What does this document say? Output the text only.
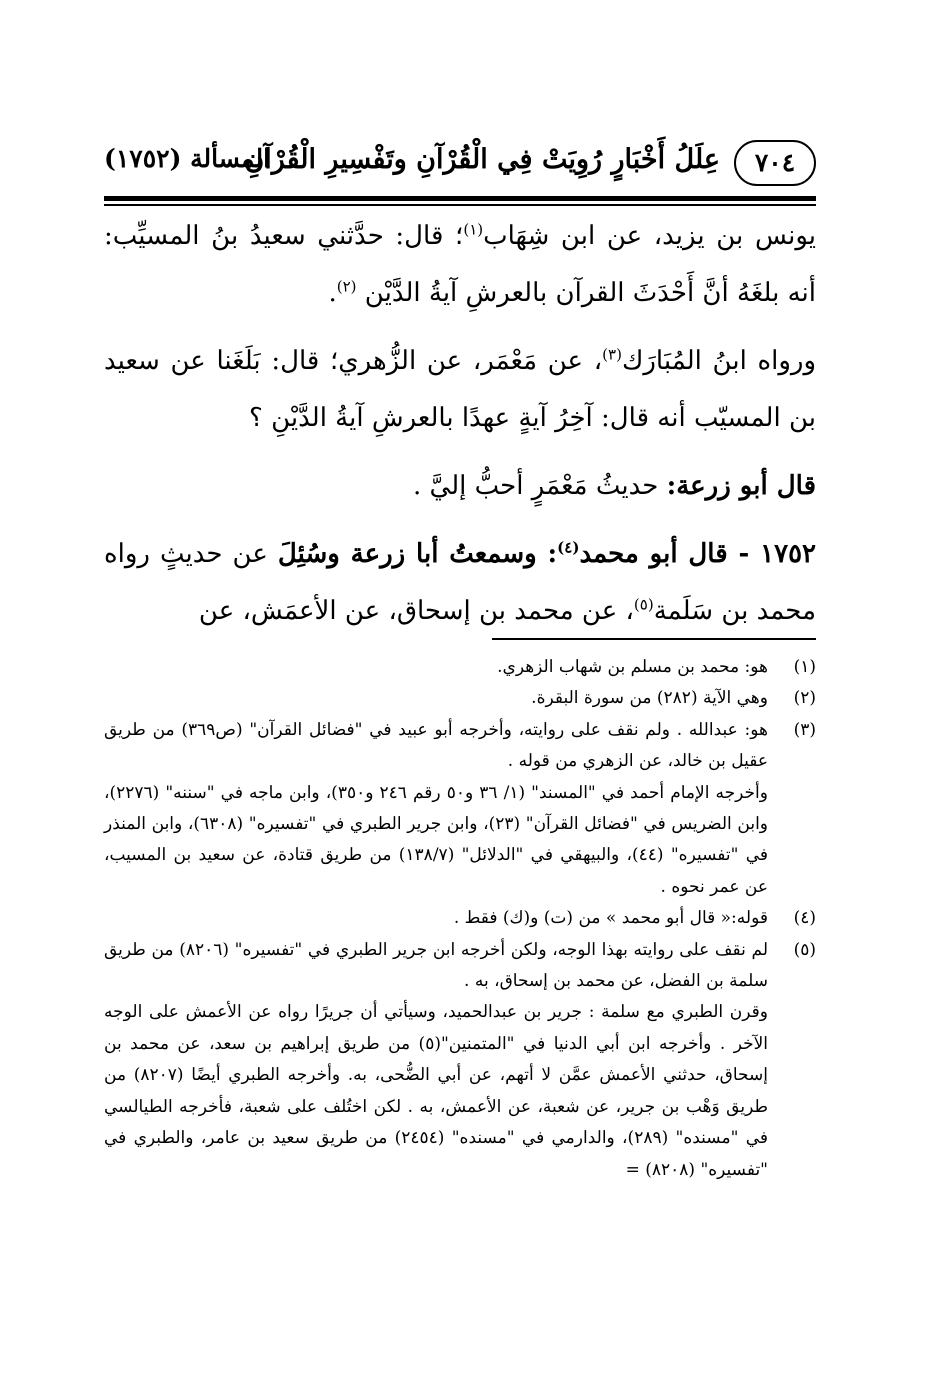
٧٠٤
عِلَلُ أَخْبَارٍ رُوِيَتْ فِي الْقُرْآنِ وتَفْسِيرِ الْقُرْآنِ
المسألة (١٧٥٢)

يونس بن يزيد، عن ابن شِهَاب$^{(١)}$؛ قال: حدَّثني سعيدُ بنُ المسيِّب: أنه بلغَهُ أنَّ أَحْدَثَ القرآن بالعرشِ آيةُ الدَّيْن $^{(٢)}$.

ورواه ابنُ المُبَارَك$^{(٣)}$، عن مَعْمَر، عن الزُّهري؛ قال: بَلَغَنا عن سعيد بن المسيّب أنه قال: آخِرُ آيةٍ عهدًا بالعرشِ آيةُ الدَّيْنِ ؟

قال أبو زرعة: حديثُ مَعْمَرٍ أحبُّ إليَّ .

١٧٥٢ - قال أبو محمد$^{(٤)}$: وسمعتُ أبا زرعة وسُئِلَ عن حديثٍ رواه محمد بن سَلَمة$^{(٥)}$، عن محمد بن إسحاق، عن الأعمَش، عن

(١)
هو: محمد بن مسلم بن شهاب الزهري.
(٢)
وهي الآية (٢٨٢) من سورة البقرة.
(٣)
هو: عبدالله . ولم نقف على روايته، وأخرجه أبو عبيد في "فضائل القرآن" (ص٣٦٩) من طريق عقيل بن خالد، عن الزهري من قوله .
وأخرجه الإمام أحمد في "المسند" (١/ ٣٦ و٥٠ رقم ٢٤٦ و٣٥٠)، وابن ماجه في "سننه" (٢٢٧٦)، وابن الضريس في "فضائل القرآن" (٢٣)، وابن جرير الطبري في "تفسيره" (٦٣٠٨)، وابن المنذر في "تفسيره" (٤٤)، والبيهقي في "الدلائل" (١٣٨/٧) من طريق قتادة، عن سعيد بن المسيب، عن عمر نحوه .
(٤)
قوله:« قال أبو محمد » من (ت) و(ك) فقط .
(٥)
لم نقف على روايته بهذا الوجه، ولكن أخرجه ابن جرير الطبري في "تفسيره" (٨٢٠٦) من طريق سلمة بن الفضل، عن محمد بن إسحاق، به .
وقرن الطبري مع سلمة : جرير بن عبدالحميد، وسيأتي أن جريرًا رواه عن الأعمش على الوجه الآخر . وأخرجه ابن أبي الدنيا في "المتمنين"(٥) من طريق إبراهيم بن سعد، عن محمد بن إسحاق، حدثني الأعمش عمَّن لا أتهم، عن أبي الضُّحى، به. وأخرجه الطبري أيضًا (٨٢٠٧) من طريق وَهْب بن جرير، عن شعبة، عن الأعمش، به . لكن اختُلف على شعبة، فأخرجه الطيالسي في "مسنده" (٢٨٩)، والدارمي في "مسنده" (٢٤٥٤) من طريق سعيد بن عامر، والطبري في "تفسيره" (٨٢٠٨) =
